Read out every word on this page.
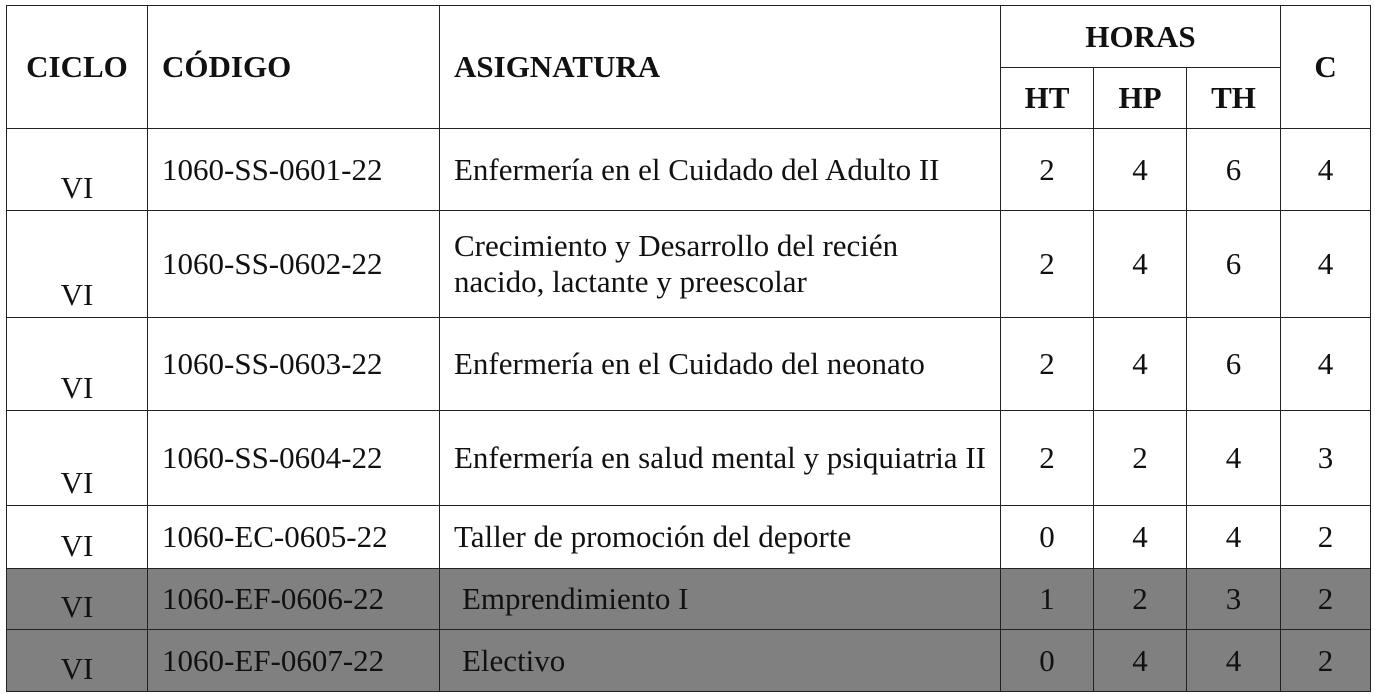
CICLO	CÓDIGO	ASIGNATURA	HORAS			C
			HT	HP	TH	
VI	1060-SS-0601-22	Enfermería en el Cuidado del Adulto II	2	4	6	4
VI	1060-SS-0602-22	Crecimiento y Desarrollo del recién nacido, lactante y preescolar	2	4	6	4
VI	1060-SS-0603-22	Enfermería en el Cuidado del neonato	2	4	6	4
VI	1060-SS-0604-22	Enfermería en salud mental y psiquiatria II	2	2	4	3
VI	1060-EC-0605-22	Taller de promoción del deporte	0	4	4	2
VI	1060-EF-0606-22	Emprendimiento I	1	2	3	2
VI	1060-EF-0607-22	Electivo	0	4	4	2
